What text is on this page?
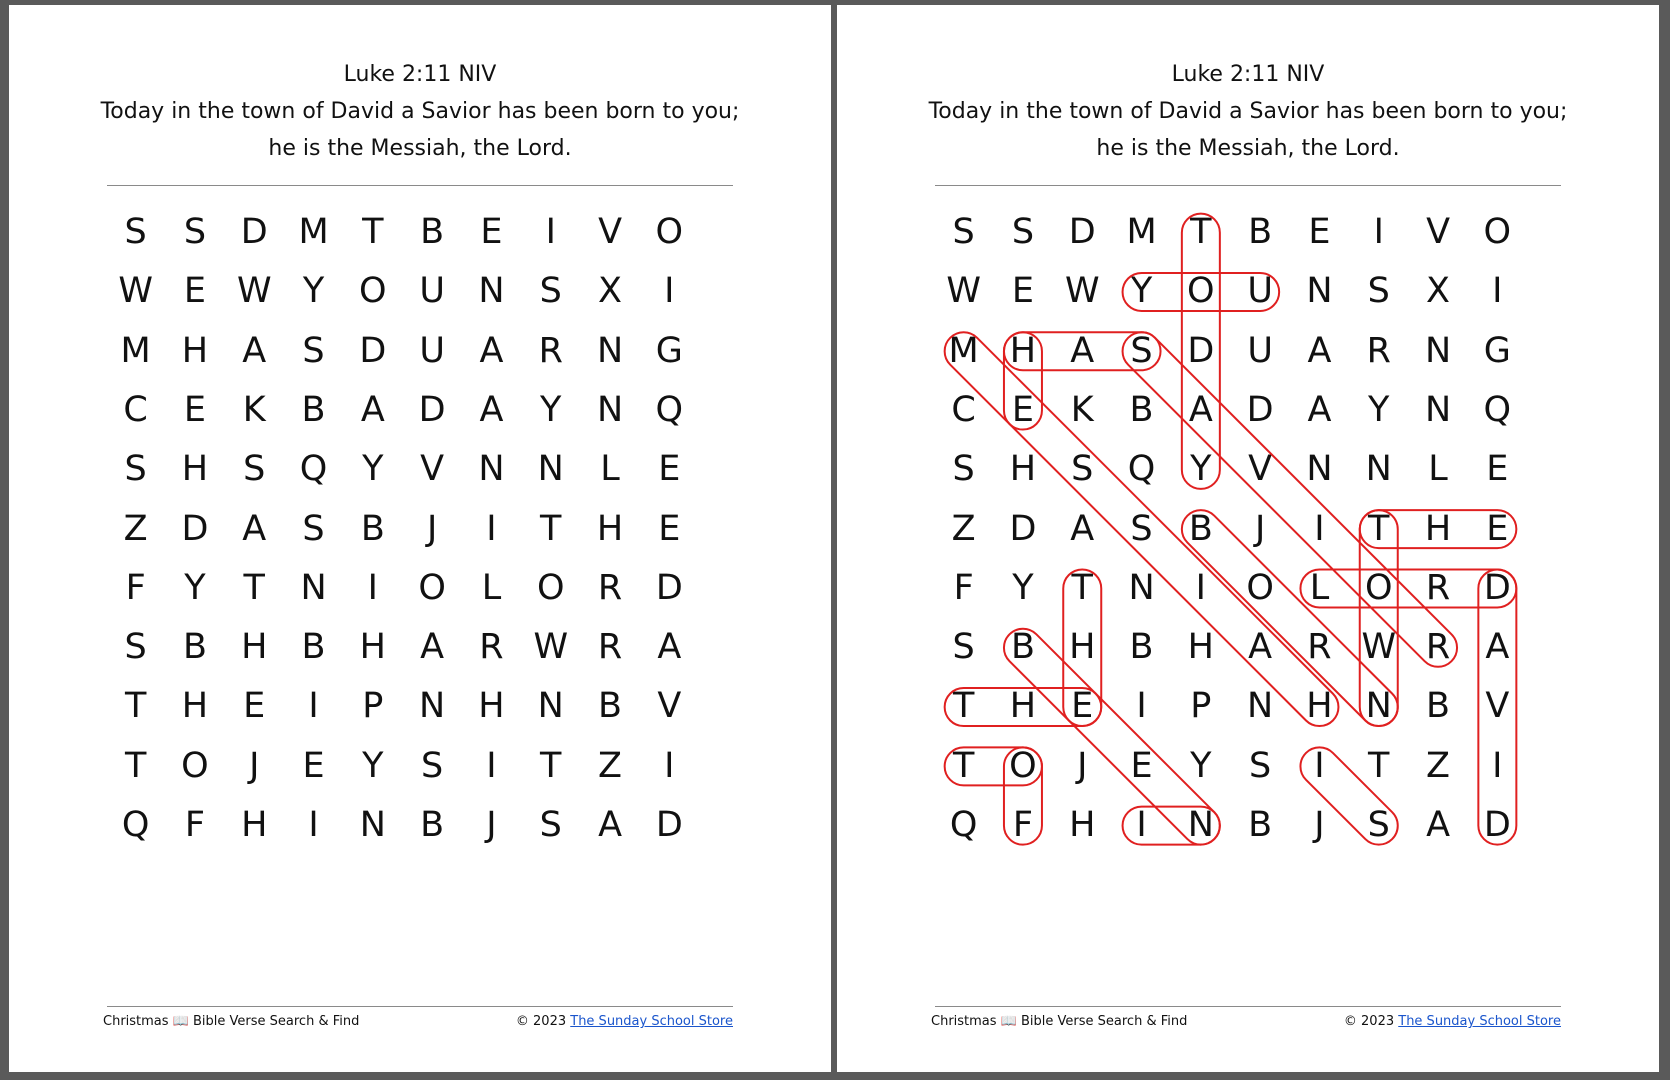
Luke 2:11 NIV
Today in the town of David a Savior has been born to you;
he is the Messiah, the Lord.
S	S D M T	B	E	I	V O
W E W Y O U N	S	X	I
M H A	S D U A	R N G
C	E	K	B	A D A	Y	N Q
S	H	S Q Y	V N N	L	E
Z D A	S	B	J	I	T	H	E
F	Y	T	N	I	O	L	O R D
S	B H B H A	R W R	A
T	H	E	I	P	N H N B	V
T O	J	E	Y	S	I	T	Z	I
Q	F	H	I	N B	J	S	A D
Christmas 📖 Bible Verse Search & Find	© 2023 The Sunday School Store
Luke 2:11 NIV
Today in the town of David a Savior has been born to you;
he is the Messiah, the Lord.
S	S D M T	B	E	I	V O
W E W Y O U N	S	X	I
M H A	S D U A	R N G
C	E	K	B	A D A	Y	N Q
S	H	S Q Y	V N N	L	E
Z D A	S	B	J	I	T	H	E
F	Y	T	N	I	O	L	O R D
S	B H B H A	R W R	A
T	H	E	I	P	N H N B	V
T O	J	E	Y	S	I	T	Z	I
Q	F	H	I	N B	J	S	A D
Christmas 📖 Bible Verse Search & Find	© 2023 The Sunday School Store
